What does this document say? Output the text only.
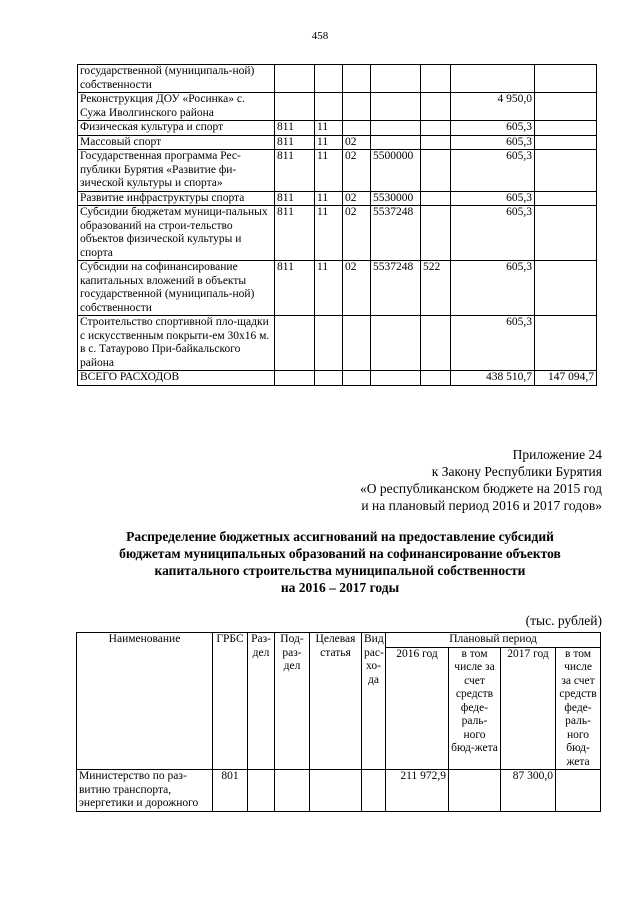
458
государственной (муниципаль-ной) собственности							
Реконструкция ДОУ «Росинка» с. Сужа Иволгинского района						4 950,0	
Физическая культура и спорт	811	11				605,3	
Массовый спорт	811	11	02			605,3	
Государственная программа Рес-публики Бурятия «Развитие фи-зической культуры и спорта»	811	11	02	5500000		605,3	
Развитие инфраструктуры спорта	811	11	02	5530000		605,3	
Субсидии бюджетам муници-пальных образований на строи-тельство объектов физической культуры и спорта	811	11	02	5537248		605,3	
Субсидии на софинансирование капитальных вложений в объекты государственной (муниципаль-ной) собственности	811	11	02	5537248	522	605,3	
Строительство спортивной пло-щадки с искусственным покрыти-ем 30х16 м. в с. Татаурово При-байкальского района						605,3	
ВСЕГО РАСХОДОВ						438 510,7	147 094,7
Приложение 24
к Закону Республики Бурятия
«О республиканском бюджете на 2015 год
и на плановый период 2016 и 2017 годов»
Распределение бюджетных ассигнований на предоставление субсидий
бюджетам муниципальных образований на софинансирование объектов
капитального строительства муниципальной собственности
на 2016 – 2017 годы
(тыс. рублей)
Наименование	ГРБС	Раз-дел	Под-раз-дел	Целевая статья	Вид рас-хо-да	Плановый период			
						2016 год	в том числе за счет средств феде-раль-ного бюд-жета	2017 год	в том числе за счет средств феде-раль-ного бюд-жета
Министерство по раз-витию транспорта, энергетики и дорожного	801					211 972,9		87 300,0	
